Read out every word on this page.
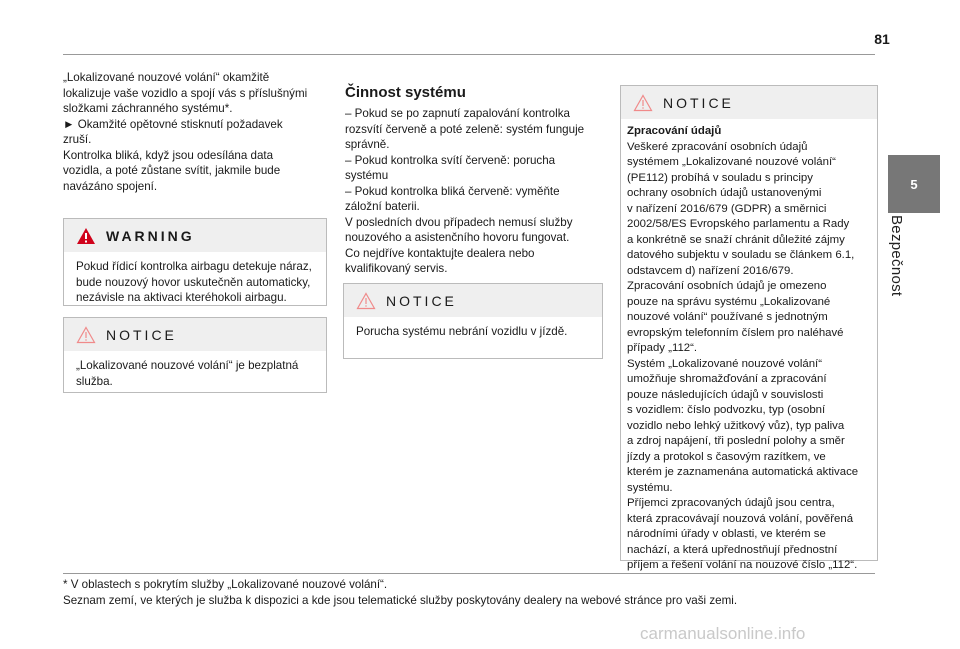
81
5
Bezpečnost

„Lokalizované nouzové volání“ okamžitě

lokalizuje vaše vozidlo a spojí vás s příslušnými

složkami záchranného systému*.

► Okamžité opětovné stisknutí požadavek

zruší.

Kontrolka bliká, když jsou odesílána data

vozidla, a poté zůstane svítit, jakmile bude

navázáno spojení.

WARNING
Pokud řídicí kontrolka airbagu detekuje náraz,
bude nouzový hovor uskutečněn automaticky,
nezávisle na aktivaci kteréhokoli airbagu.
NOTICE
„Lokalizované nouzové volání“ je bezplatná
služba.
Činnost systému

– Pokud se po zapnutí zapalování kontrolka

rozsvítí červeně a poté zeleně: systém funguje

správně.

– Pokud kontrolka svítí červeně: porucha

systému

– Pokud kontrolka bliká červeně: vyměňte

záložní baterii.

V posledních dvou případech nemusí služby

nouzového a asistenčního hovoru fungovat.

Co nejdříve kontaktujte dealera nebo

kvalifikovaný servis.

NOTICE
Porucha systému nebrání vozidlu v jízdě.
NOTICE
Zpracování údajů
Veškeré zpracování osobních údajů
systémem „Lokalizované nouzové volání“
(PE112) probíhá v souladu s principy
ochrany osobních údajů ustanovenými
v nařízení 2016/679 (GDPR) a směrnici
2002/58/ES Evropského parlamentu a Rady
a konkrétně se snaží chránit důležité zájmy
datového subjektu v souladu se článkem 6.1,
odstavcem d) nařízení 2016/679.
Zpracování osobních údajů je omezeno
pouze na správu systému „Lokalizované
nouzové volání“ používané s jednotným
evropským telefonním číslem pro naléhavé
případy „112“.
Systém „Lokalizované nouzové volání“
umožňuje shromažďování a zpracování
pouze následujících údajů v souvislosti
s vozidlem: číslo podvozku, typ (osobní
vozidlo nebo lehký užitkový vůz), typ paliva
a zdroj napájení, tři poslední polohy a směr
jízdy a protokol s časovým razítkem, ve
kterém je zaznamenána automatická aktivace
systému.
Příjemci zpracovaných údajů jsou centra,
která zpracovávají nouzová volání, pověřená
národními úřady v oblasti, ve kterém se
nachází, a která upřednostňují přednostní
příjem a řešení volání na nouzové číslo „112“.
* V oblastech s pokrytím služby „Lokalizované nouzové volání“.
Seznam zemí, ve kterých je služba k dispozici a kde jsou telematické služby poskytovány dealery na webové stránce pro vaši zemi.
carmanualsonline.info
